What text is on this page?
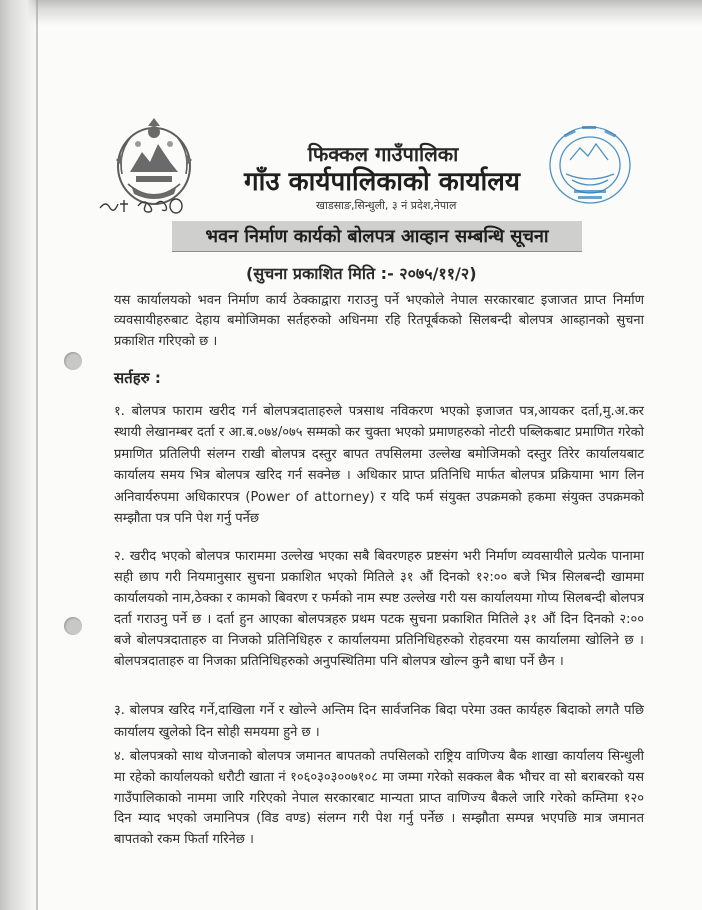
फिक्कल गाउँपालिका
गाँउ कार्यपालिकाको कार्यालय
खाडसाङ,सिन्धुली, ३ नं प्रदेश,नेपाल
भवन निर्माण कार्यको बोलपत्र आव्हान सम्बन्धि सूचना
(सुचना प्रकाशित मिति :- २०७५/११/२)
यस कार्यालयको भवन निर्माण कार्य ठेक्काद्वारा गराउनु पर्ने भएकोले नेपाल सरकारबाट इजाजत प्राप्त निर्माण व्यवसायीहरुबाट देहाय बमोजिमका सर्तहरुको अधिनमा रहि रितपूर्बकको सिलबन्दी बोलपत्र आब्हानको सुचना प्रकाशित गरिएको छ ।
सर्तहरु :
१. बोलपत्र फाराम खरीद गर्न बोलपत्रदाताहरुले पत्रसाथ नविकरण भएको इजाजत पत्र,आयकर दर्ता,मु.अ.कर स्थायी लेखानम्बर दर्ता र आ.ब.०७४/०७५ सम्मको कर चुक्ता भएको प्रमाणहरुको नोटरी पब्लिकबाट प्रमाणित गरेको प्रमाणित प्रतिलिपी संलग्न राखी बोलपत्र दस्तुर बापत तपसिलमा उल्लेख बमोजिमको दस्तुर तिरेर कार्यालयबाट कार्यालय समय भित्र बोलपत्र खरिद गर्न सक्नेछ । अधिकार प्राप्त प्रतिनिधि मार्फत बोलपत्र प्रक्रियामा भाग लिन अनिवार्यरुपमा अधिकारपत्र (Power of attorney) र यदि फर्म संयुक्त उपक्रमको हकमा संयुक्त उपक्रमको सम्झौता पत्र पनि पेश गर्नु पर्नेछ
२. खरीद भएको बोलपत्र फाराममा उल्लेख भएका सबै बिवरणहरु प्रष्टसंग भरी निर्माण व्यवसायीले प्रत्येक पानामा सही छाप गरी नियमानुसार सुचना प्रकाशित भएको मितिले ३१ औं दिनको १२:०० बजे भित्र सिलबन्दी खाममा कार्यालयको नाम,ठेक्का र कामको बिवरण र फर्मको नाम स्पष्ट उल्लेख गरी यस कार्यालयमा गोप्य सिलबन्दी बोलपत्र दर्ता गराउनु पर्ने छ । दर्ता हुन आएका बोलपत्रहरु प्रथम पटक सुचना प्रकाशित मितिले ३१ औं दिन दिनको २:०० बजे बोलपत्रदाताहरु वा निजको प्रतिनिधिहरु र कार्यालयमा प्रतिनिधिहरुको रोहवरमा यस कार्यालमा खोलिने छ । बोलपत्रदाताहरु वा निजका प्रतिनिधिहरुको अनुपस्थितिमा पनि बोलपत्र खोल्न कुनै बाधा पर्ने छैन ।
३. बोलपत्र खरिद गर्ने,दाखिला गर्ने र खोल्ने अन्तिम दिन सार्वजनिक बिदा परेमा उक्त कार्यहरु बिदाको लगतै पछि कार्यालय खुलेको दिन सोही समयमा हुने छ ।
४. बोलपत्रको साथ योजनाको बोलपत्र जमानत बापतको तपसिलको राष्ट्रिय वाणिज्य बैक शाखा कार्यालय सिन्धुली मा रहेको कार्यालयको धरौटी खाता नं १०६०३०३००७१०८ मा जम्मा गरेको सक्कल बैक भौचर वा सो बराबरको यस गाउँपालिकाको नाममा जारि गरिएको नेपाल सरकारबाट मान्यता प्राप्त वाणिज्य बैकले जारि गरेको कम्तिमा १२० दिन म्याद भएको जमानिपत्र (विड वण्ड) संलग्न गरी पेश गर्नु पर्नेछ । सम्झौता सम्पन्न भएपछि मात्र जमानत बापतको रकम फिर्ता गरिनेछ ।
